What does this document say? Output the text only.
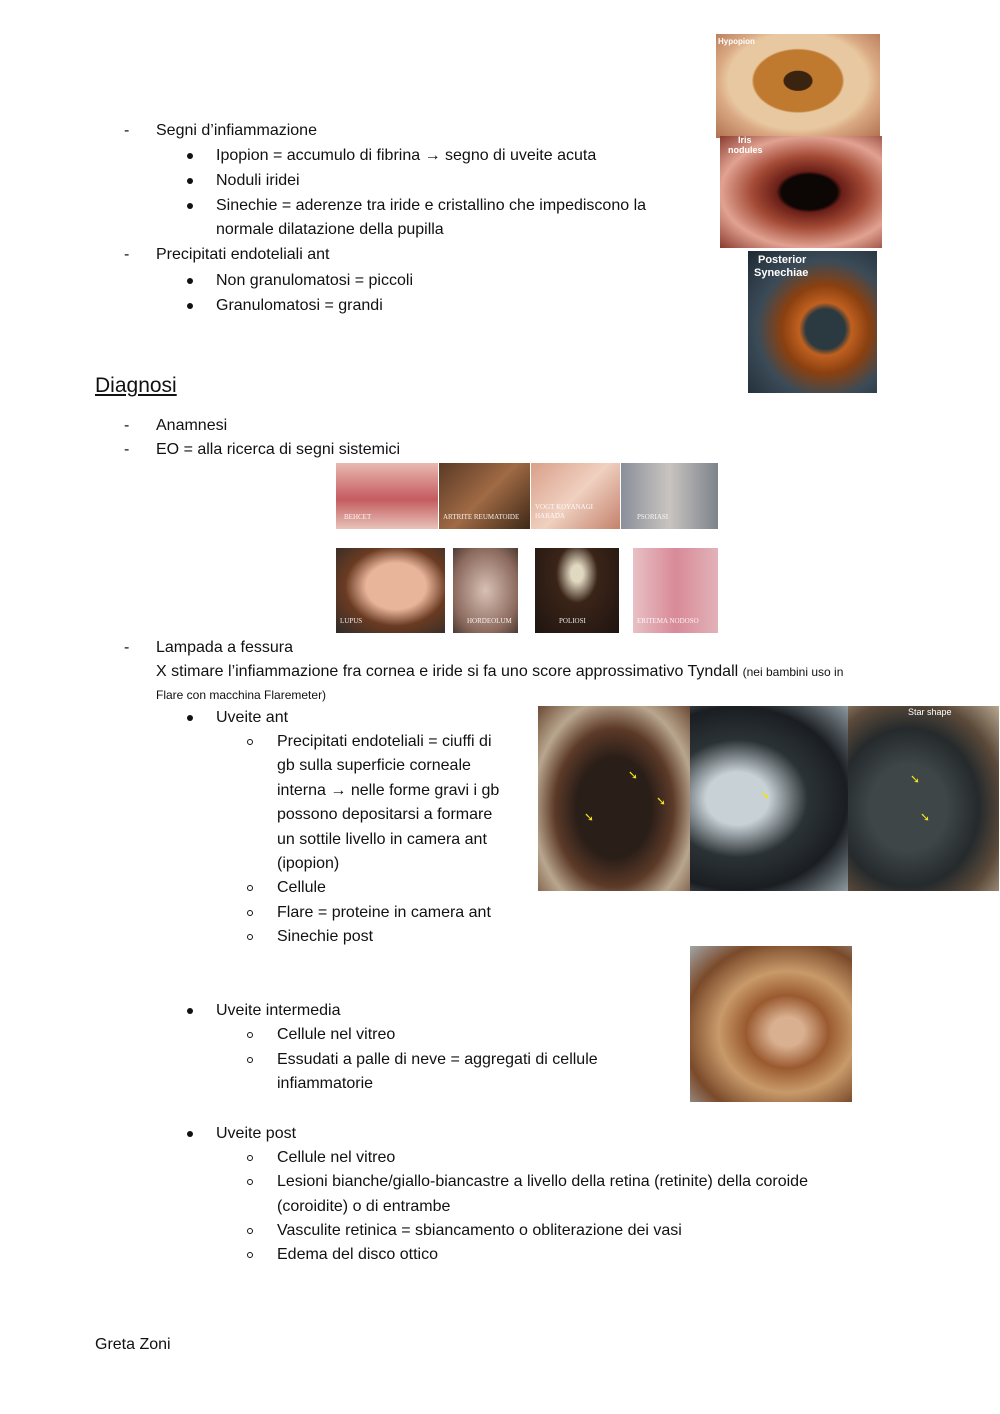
- Segni d’infiammazione
Ipopion = accumulo di fibrina → segno di uveite acuta
Noduli iridei
Sinechie = aderenze tra iride e cristallino che impediscono la
normale dilatazione della pupilla
- Precipitati endoteliali ant
Non granulomatosi = piccoli
Granulomatosi = grandi
Hypopion
Iris
nodules
Posterior
Synechiae
Diagnosi
- Anamnesi
- EO = alla ricerca di segni sistemici
BEHCET	ARTRITE REUMATOIDE
VOGT KOYANAGI HARADA	PSORIASI
LUPUS	HORDEOLUM	POLIOSI	ERITEMA NODOSO
- Lampada a fessura
X stimare l’infiammazione fra cornea e iride si fa uno score approssimativo Tyndall (nei bambini uso in
Flare con macchina Flaremeter)
Uveite ant
Precipitati endoteliali = ciuffi di
gb sulla superficie corneale
interna → nelle forme gravi i gb
possono depositarsi a formare
un sottile livello in camera ant
(ipopion)
Cellule
Flare = proteine in camera ant
Sinechie post
➘
➘
➘
➘
Star shape
➘
➘
Uveite intermedia
Cellule nel vitreo
Essudati a palle di neve = aggregati di cellule
infiammatorie
Uveite post
Cellule nel vitreo
Lesioni bianche/giallo-biancastre a livello della retina (retinite) della coroide
(coroidite) o di entrambe
Vasculite retinica = sbiancamento o obliterazione dei vasi
Edema del disco ottico
Greta Zoni
